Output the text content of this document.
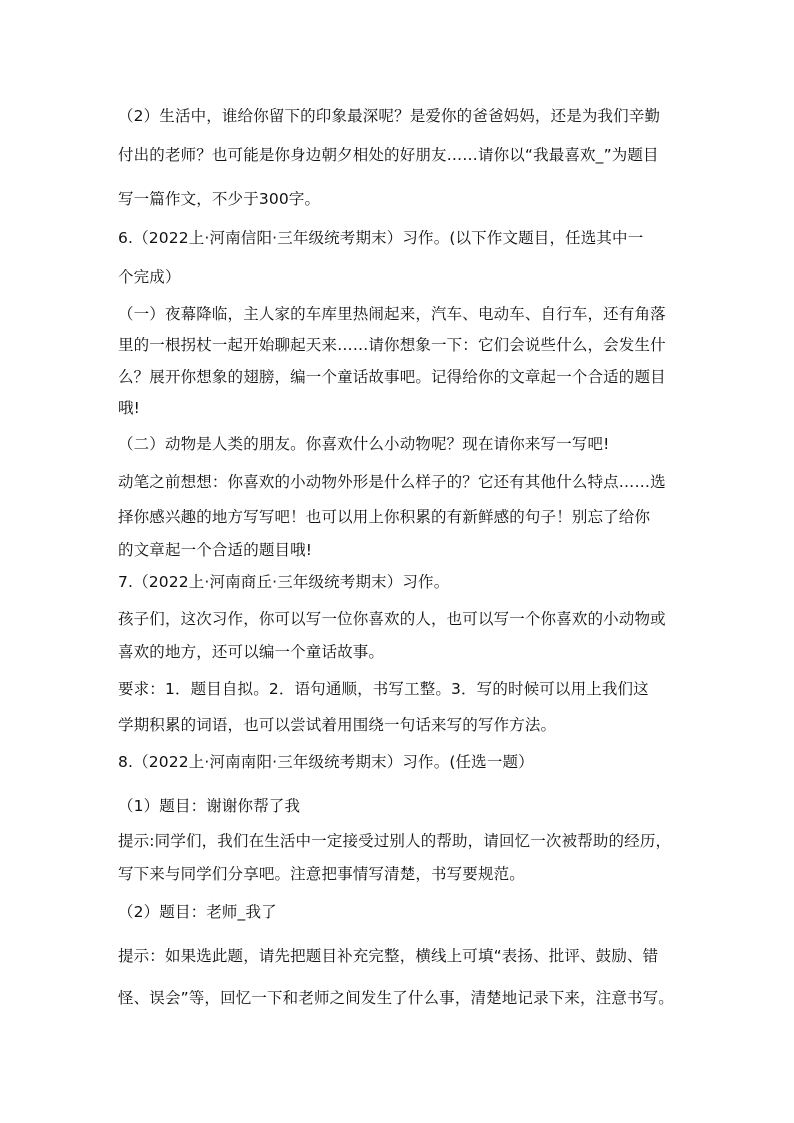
（2）生活中，谁给你留下的印象最深呢？是爱你的爸爸妈妈，还是为我们辛勤
付出的老师？也可能是你身边朝夕相处的好朋友……请你以“我最喜欢_”为题目
写一篇作文，不少于300字。
6.（2022上·河南信阳·三年级统考期末）习作。(以下作文题目，任选其中一
个完成）
（一）夜幕降临，主人家的车库里热闹起来，汽车、电动车、自行车，还有角落
里的一根拐杖一起开始聊起天来……请你想象一下：它们会说些什么，会发生什
么？展开你想象的翅膀，编一个童话故事吧。记得给你的文章起一个合适的题目
哦!
（二）动物是人类的朋友。你喜欢什么小动物呢？现在请你来写一写吧!
动笔之前想想：你喜欢的小动物外形是什么样子的？它还有其他什么特点……选
择你感兴趣的地方写写吧！也可以用上你积累的有新鲜感的句子！别忘了给你
的文章起一个合适的题目哦!
7.（2022上·河南商丘·三年级统考期末）习作。
孩子们，这次习作，你可以写一位你喜欢的人，也可以写一个你喜欢的小动物或
喜欢的地方，还可以编一个童话故事。
要求：1．题目自拟。2．语句通顺，书写工整。3．写的时候可以用上我们这
学期积累的词语，也可以尝试着用围绕一句话来写的写作方法。
8.（2022上·河南南阳·三年级统考期末）习作。(任选一题）
（1）题目：谢谢你帮了我
提示:同学们，我们在生活中一定接受过别人的帮助，请回忆一次被帮助的经历，
写下来与同学们分享吧。注意把事情写清楚，书写要规范。
（2）题目：老师_我了
提示：如果选此题，请先把题目补充完整，横线上可填“表扬、批评、鼓励、错
怪、误会”等，回忆一下和老师之间发生了什么事，清楚地记录下来，注意书写。
